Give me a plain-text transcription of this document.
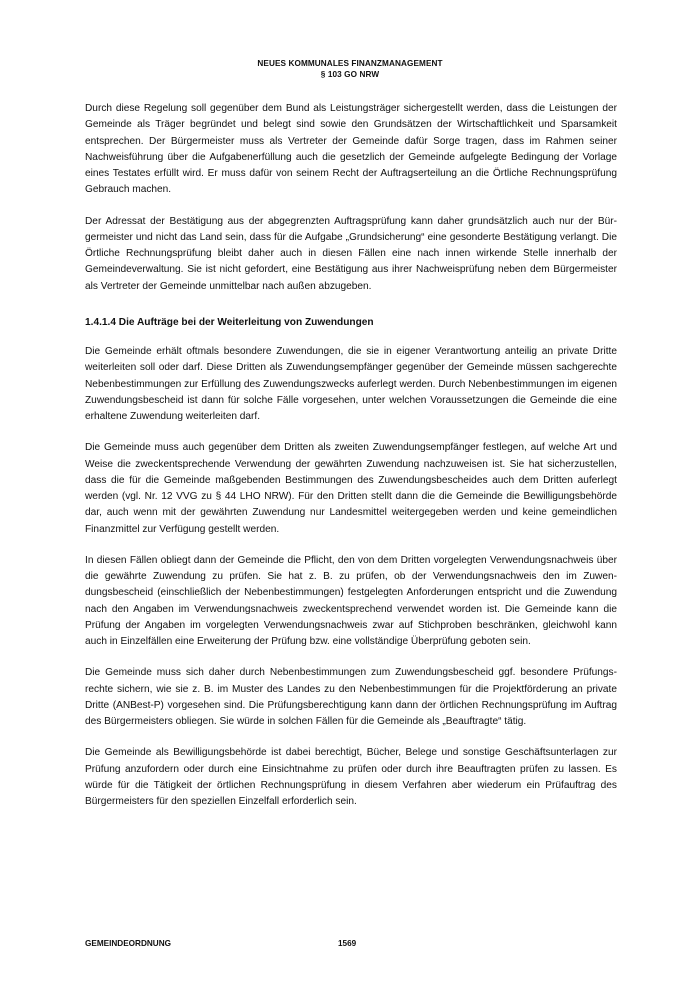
NEUES KOMMUNALES FINANZMANAGEMENT
§ 103 GO NRW

Durch diese Regelung soll gegenüber dem Bund als Leistungsträger sichergestellt werden, dass die Leistungen der Gemeinde als Träger begründet und belegt sind sowie den Grundsätzen der Wirtschaftlichkeit und Sparsamkeit entsprechen. Der Bürgermeister muss als Vertreter der Gemeinde dafür Sorge tragen, dass im Rahmen seiner Nachweisführung über die Aufgabenerfüllung auch die gesetzlich der Gemeinde aufgelegte Bedingung der Vorlage eines Testates erfüllt wird. Er muss dafür von seinem Recht der Auftragserteilung an die Örtliche Rechnungsprüfung Gebrauch machen.

Der Adressat der Bestätigung aus der abgegrenzten Auftragsprüfung kann daher grundsätzlich auch nur der Bürgermeister und nicht das Land sein, dass für die Aufgabe „Grundsicherung“ eine gesonderte Bestätigung verlangt. Die Örtliche Rechnungsprüfung bleibt daher auch in diesen Fällen eine nach innen wirkende Stelle innerhalb der Gemeindeverwaltung. Sie ist nicht gefordert, eine Bestätigung aus ihrer Nachweisprüfung neben dem Bürgermeister als Vertreter der Gemeinde unmittelbar nach außen abzugeben.

1.4.1.4 Die Aufträge bei der Weiterleitung von Zuwendungen

Die Gemeinde erhält oftmals besondere Zuwendungen, die sie in eigener Verantwortung anteilig an private Dritte weiterleiten soll oder darf. Diese Dritten als Zuwendungsempfänger gegenüber der Gemeinde müssen sachgerechte Nebenbestimmungen zur Erfüllung des Zuwendungszwecks auferlegt werden. Durch Nebenbestimmungen im eigenen Zuwendungsbescheid ist dann für solche Fälle vorgesehen, unter welchen Voraussetzungen die Gemeinde die eine erhaltene Zuwendung weiterleiten darf.

Die Gemeinde muss auch gegenüber dem Dritten als zweiten Zuwendungsempfänger festlegen, auf welche Art und Weise die zweckentsprechende Verwendung der gewährten Zuwendung nachzuweisen ist. Sie hat sicherzustellen, dass die für die Gemeinde maßgebenden Bestimmungen des Zuwendungsbescheides auch dem Dritten auferlegt werden (vgl. Nr. 12 VVG zu § 44 LHO NRW). Für den Dritten stellt dann die die Gemeinde die Bewilligungsbehörde dar, auch wenn mit der gewährten Zuwendung nur Landesmittel weitergegeben werden und keine gemeindlichen Finanzmittel zur Verfügung gestellt werden.

In diesen Fällen obliegt dann der Gemeinde die Pflicht, den von dem Dritten vorgelegten Verwendungsnachweis über die gewährte Zuwendung zu prüfen. Sie hat z. B. zu prüfen, ob der Verwendungsnachweis den im Zuwendungsbescheid (einschließlich der Nebenbestimmungen) festgelegten Anforderungen entspricht und die Zuwendung nach den Angaben im Verwendungsnachweis zweckentsprechend verwendet worden ist. Die Gemeinde kann die Prüfung der Angaben im vorgelegten Verwendungsnachweis zwar auf Stichproben beschränken, gleichwohl kann auch in Einzelfällen eine Erweiterung der Prüfung bzw. eine vollständige Überprüfung geboten sein.

Die Gemeinde muss sich daher durch Nebenbestimmungen zum Zuwendungsbescheid ggf. besondere Prüfungsrechte sichern, wie sie z. B. im Muster des Landes zu den Nebenbestimmungen für die Projektförderung an private Dritte (ANBest-P) vorgesehen sind. Die Prüfungsberechtigung kann dann der örtlichen Rechnungsprüfung im Auftrag des Bürgermeisters obliegen. Sie würde in solchen Fällen für die Gemeinde als „Beauftragte“ tätig.

Die Gemeinde als Bewilligungsbehörde ist dabei berechtigt, Bücher, Belege und sonstige Geschäftsunterlagen zur Prüfung anzufordern oder durch eine Einsichtnahme zu prüfen oder durch ihre Beauftragten prüfen zu lassen. Es würde für die Tätigkeit der örtlichen Rechnungsprüfung in diesem Verfahren aber wiederum ein Prüfauftrag des Bürgermeisters für den speziellen Einzelfall erforderlich sein.

GEMEINDEORDNUNG	1569
